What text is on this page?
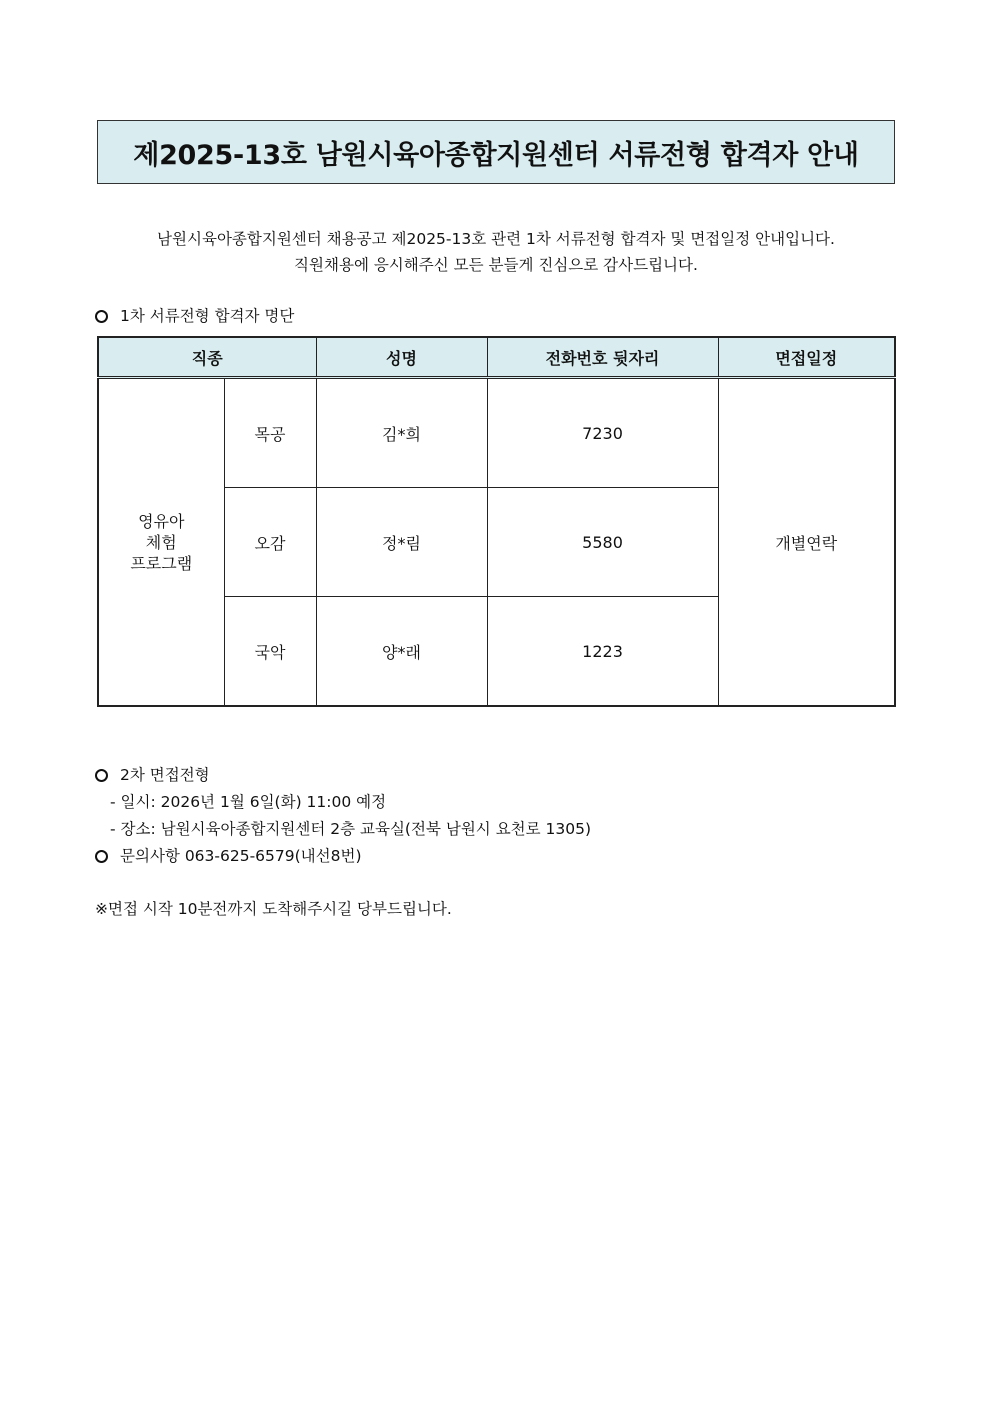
제2025-13호 남원시육아종합지원센터 서류전형 합격자 안내
남원시육아종합지원센터 채용공고 제2025-13호 관련 1차 서류전형 합격자 및 면접일정 안내입니다.
직원채용에 응시해주신 모든 분들게 진심으로 감사드립니다.
1차 서류전형 합격자 명단
직종		성명	전화번호 뒷자리	면접일정

영유아
체험
프로그램	목공	김*희	7230	개별연락
	오감	정*림	5580	
	국악	양*래	1223	
2차 면접전형
- 일시: 2026년 1월 6일(화) 11:00 예정
- 장소: 남원시육아종합지원센터 2층 교육실(전북 남원시 요천로 1305)
문의사항 063-625-6579(내선8번)
※면접 시작 10분전까지 도착해주시길 당부드립니다.
